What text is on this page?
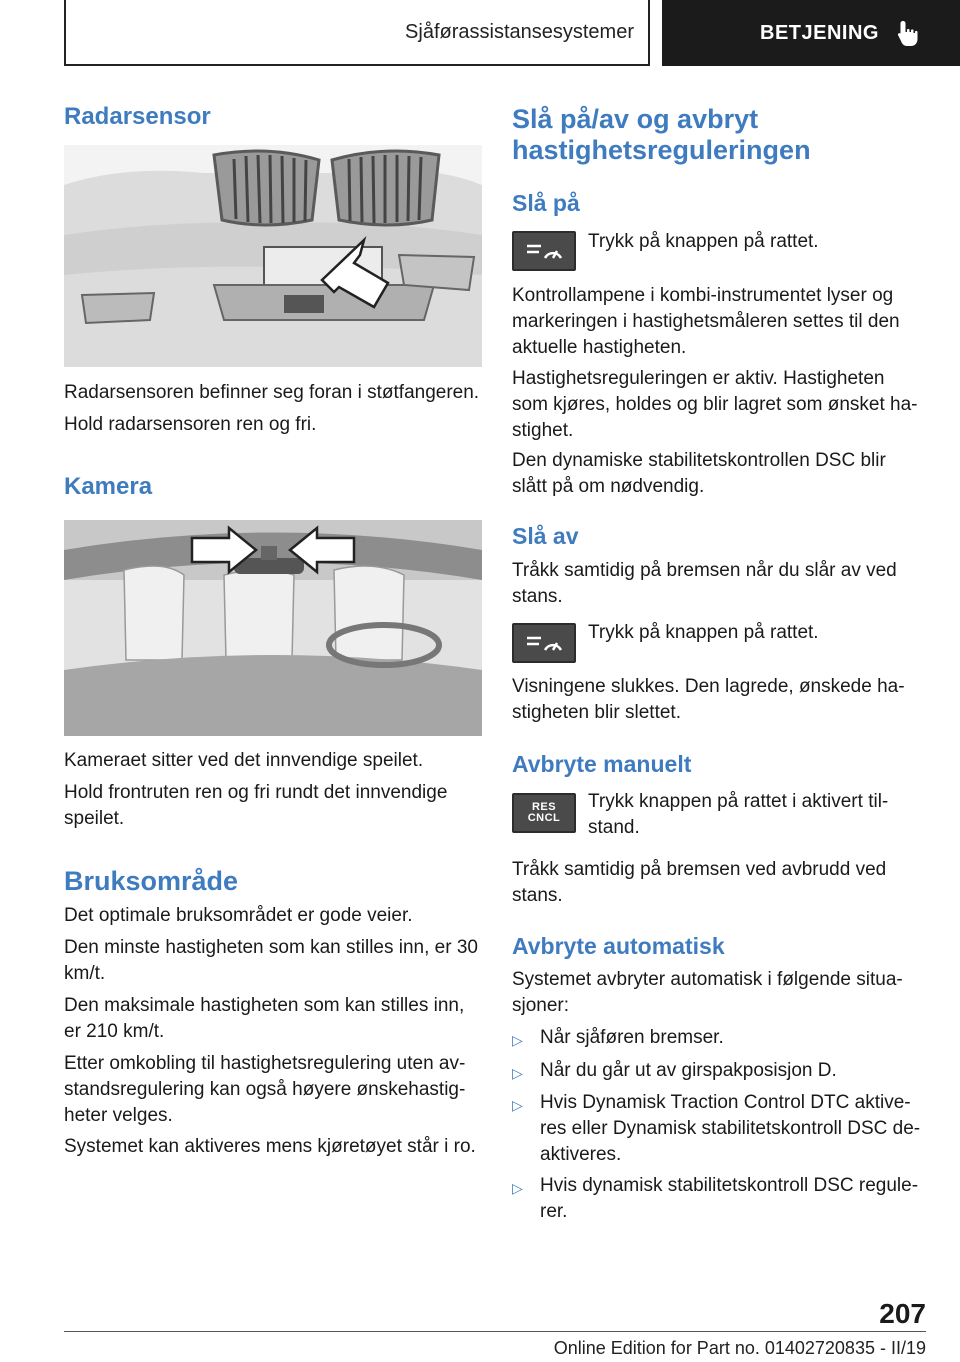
Sjåførassistansesystemer	BETJENING
Radarsensor

Radarsensoren befinner seg foran i støtfangeren.

Hold radarsensoren ren og fri.

Kamera

Kameraet sitter ved det innvendige speilet.

Hold frontruten ren og fri rundt det innvendige speilet.

Bruksområde

Det optimale bruksområdet er gode veier.

Den minste hastigheten som kan stilles inn, er 30 km/t.

Den maksimale hastigheten som kan stilles inn, er 210 km/t.

Etter omkobling til hastighetsregulering uten avstandsregulering kan også høyere ønskehastigheter velges.

Systemet kan aktiveres mens kjøretøyet står i ro.

Slå på/av og avbryt hastighetsreguleringen
Slå på

Trykk på knappen på rattet.

Kontrollampene i kombi-instrumentet lyser og markeringen i hastighetsmåleren settes til den aktuelle hastigheten.

Hastighetsreguleringen er aktiv. Hastigheten som kjøres, holdes og blir lagret som ønsket hastighet.

Den dynamiske stabilitetskontrollen DSC blir slått på om nødvendig.

Slå av

Tråkk samtidig på bremsen når du slår av ved stans.

Trykk på knappen på rattet.

Visningene slukkes. Den lagrede, ønskede hastigheten blir slettet.

Avbryte manuelt
RES
CNCL

Trykk knappen på rattet i aktivert tilstand.

Tråkk samtidig på bremsen ved avbrudd ved stans.

Avbryte automatisk

Systemet avbryter automatisk i følgende situasjoner:

▷ Når sjåføren bremser.
▷ Når du går ut av girspakposisjon D.
▷ Hvis Dynamisk Traction Control DTC aktiveres eller Dynamisk stabilitetskontroll DSC deaktiveres.
▷ Hvis dynamisk stabilitetskontroll DSC regulerer.
207
Online Edition for Part no. 01402720835 - II/19
